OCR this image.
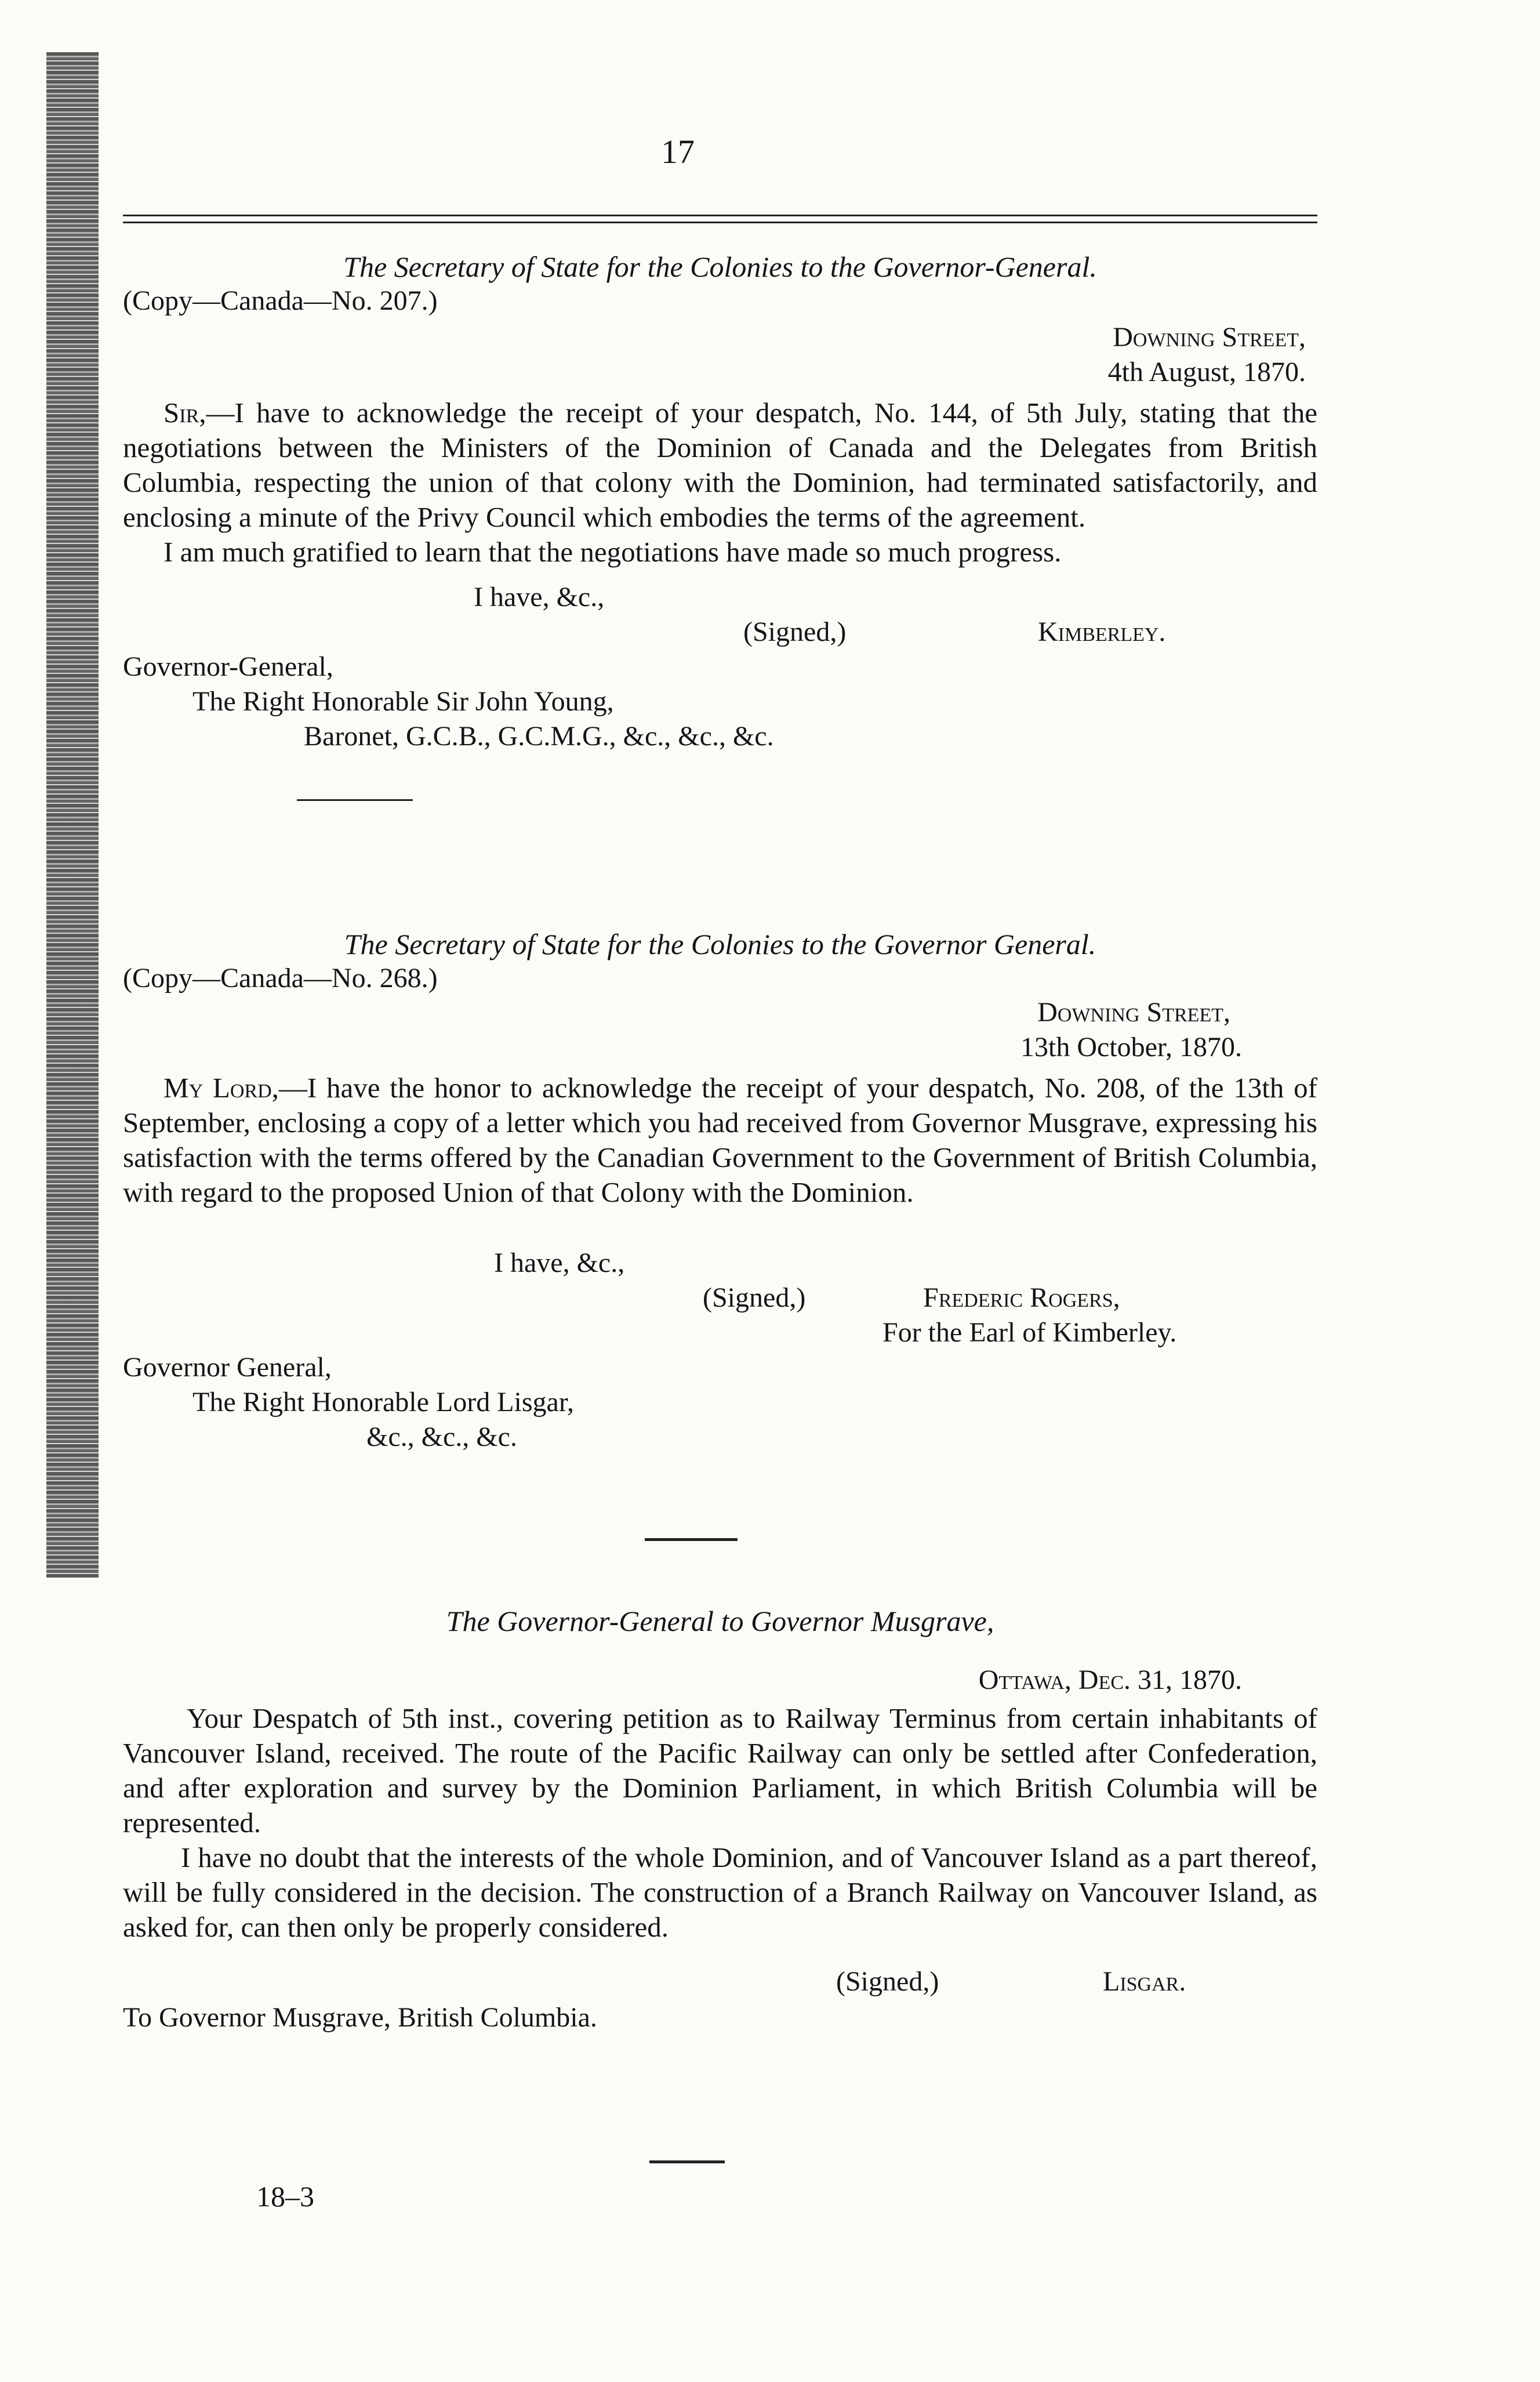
17
The Secretary of State for the Colonies to the Governor-General.
(Copy—Canada—No. 207.)
Downing Street,
4th August, 1870.

Sir,—I have to acknowledge the receipt of your despatch, No. 144, of 5th July, stating that the negotiations between the Ministers of the Dominion of Canada and the Delegates from British Columbia, respecting the union of that colony with the Dominion, had terminated satisfactorily, and enclosing a minute of the Privy Council which embodies the terms of the agreement.

I am much gratified to learn that the negotiations have made so much progress.

I have, &c.,
(Signed,)	Kimberley.
Governor-General,
The Right Honorable Sir John Young,
Baronet, G.C.B., G.C.M.G., &c., &c., &c.
The Secretary of State for the Colonies to the Governor General.
(Copy—Canada—No. 268.)
Downing Street,
13th October, 1870.

My Lord,—I have the honor to acknowledge the receipt of your despatch, No. 208, of the 13th of September, enclosing a copy of a letter which you had received from Governor Musgrave, expressing his satisfaction with the terms offered by the Canadian Government to the Government of British Columbia, with regard to the proposed Union of that Colony with the Dominion.

I have, &c.,
(Signed,)	Frederic Rogers,
For the Earl of Kimberley.
Governor General,
The Right Honorable Lord Lisgar,
&c., &c., &c.
The Governor-General to Governor Musgrave,
Ottawa, Dec. 31, 1870.

Your Despatch of 5th inst., covering petition as to Railway Terminus from certain inhabitants of Vancouver Island, received. The route of the Pacific Railway can only be settled after Confederation, and after exploration and survey by the Dominion Parliament, in which British Columbia will be represented.

I have no doubt that the interests of the whole Dominion, and of Vancouver Island as a part thereof, will be fully considered in the decision. The construction of a Branch Railway on Vancouver Island, as asked for, can then only be properly considered.

(Signed,)	Lisgar.
To Governor Musgrave, British Columbia.
18–3
